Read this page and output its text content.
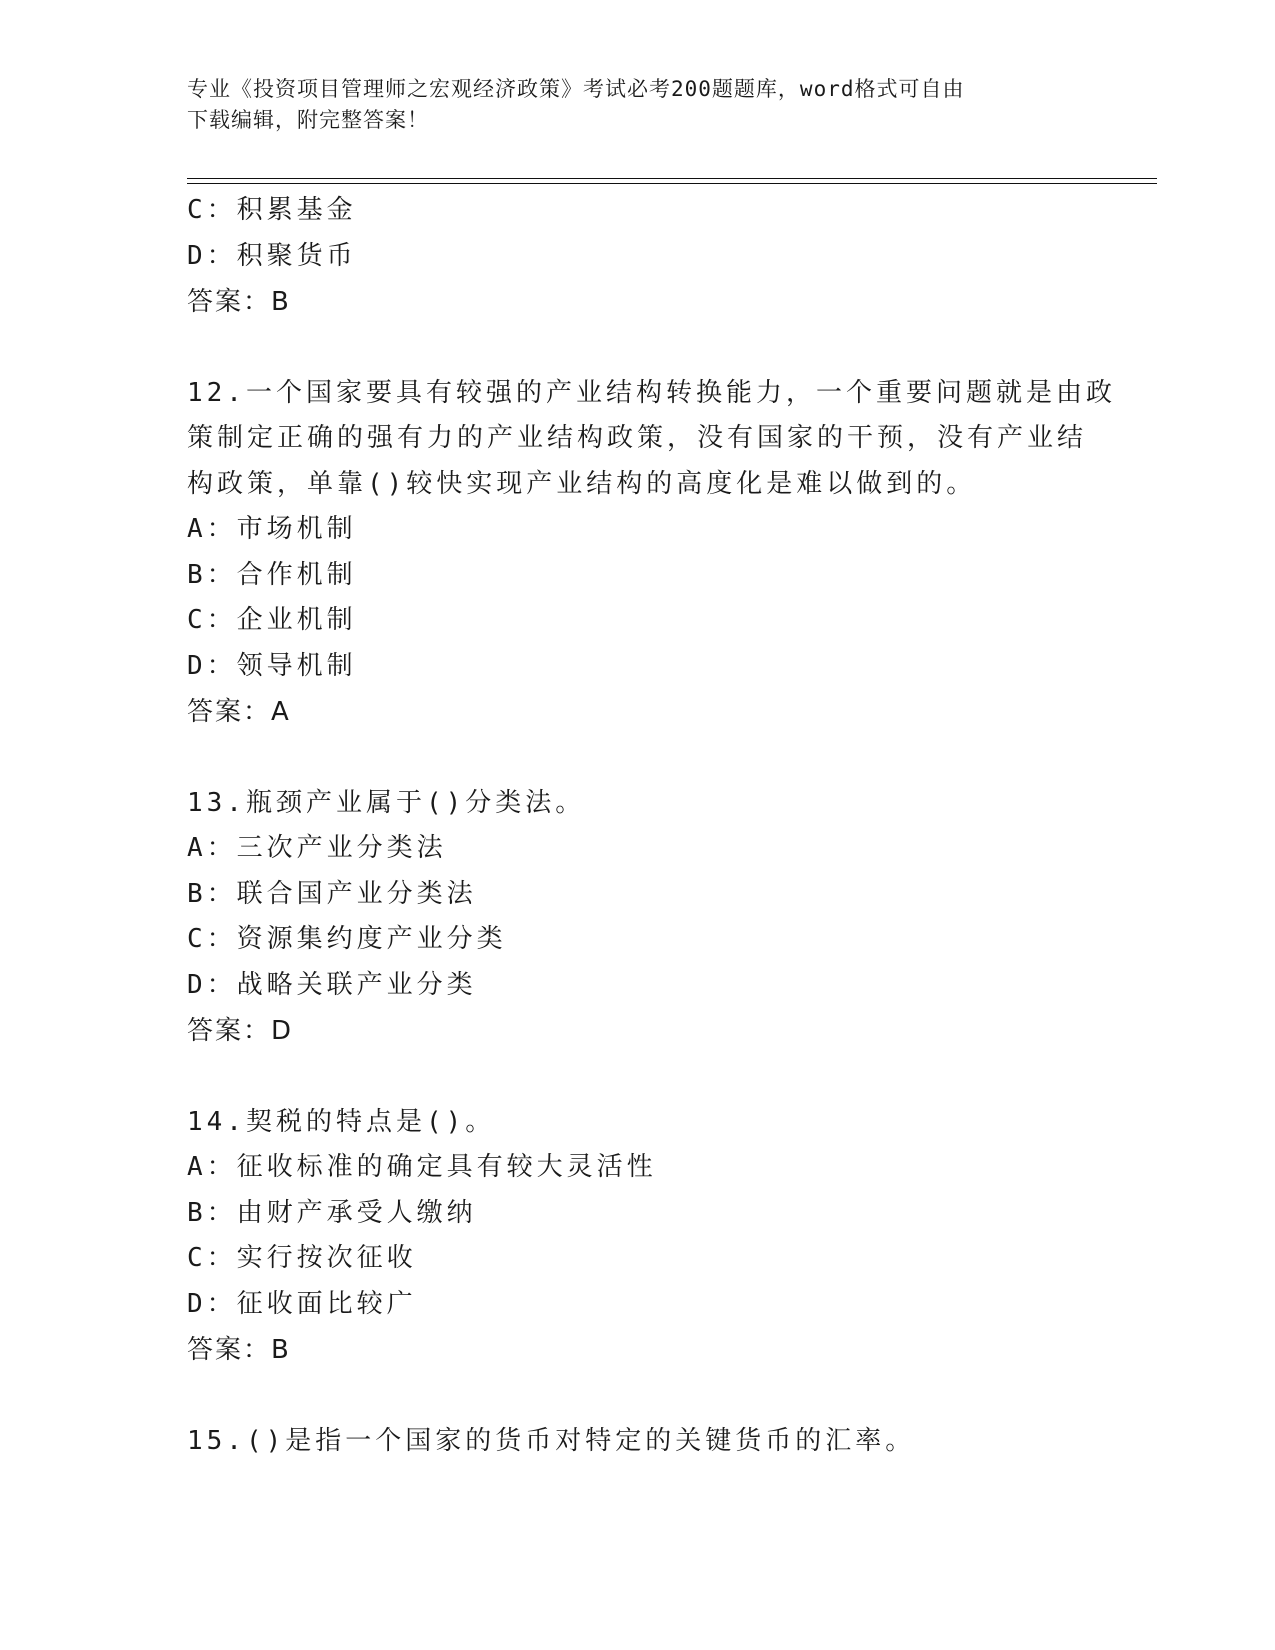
专业《投资项目管理师之宏观经济政策》考试必考200题题库，word格式可自由
下载编辑，附完整答案！
C：积累基金
D：积聚货币
答案：B
12.一个国家要具有较强的产业结构转换能力，一个重要问题就是由政
策制定正确的强有力的产业结构政策，没有国家的干预，没有产业结
构政策，单靠()较快实现产业结构的高度化是难以做到的。
A：市场机制
B：合作机制
C：企业机制
D：领导机制
答案：A
13.瓶颈产业属于()分类法。
A：三次产业分类法
B：联合国产业分类法
C：资源集约度产业分类
D：战略关联产业分类
答案：D
14.契税的特点是()。
A：征收标准的确定具有较大灵活性
B：由财产承受人缴纳
C：实行按次征收
D：征收面比较广
答案：B
15.()是指一个国家的货币对特定的关键货币的汇率。
